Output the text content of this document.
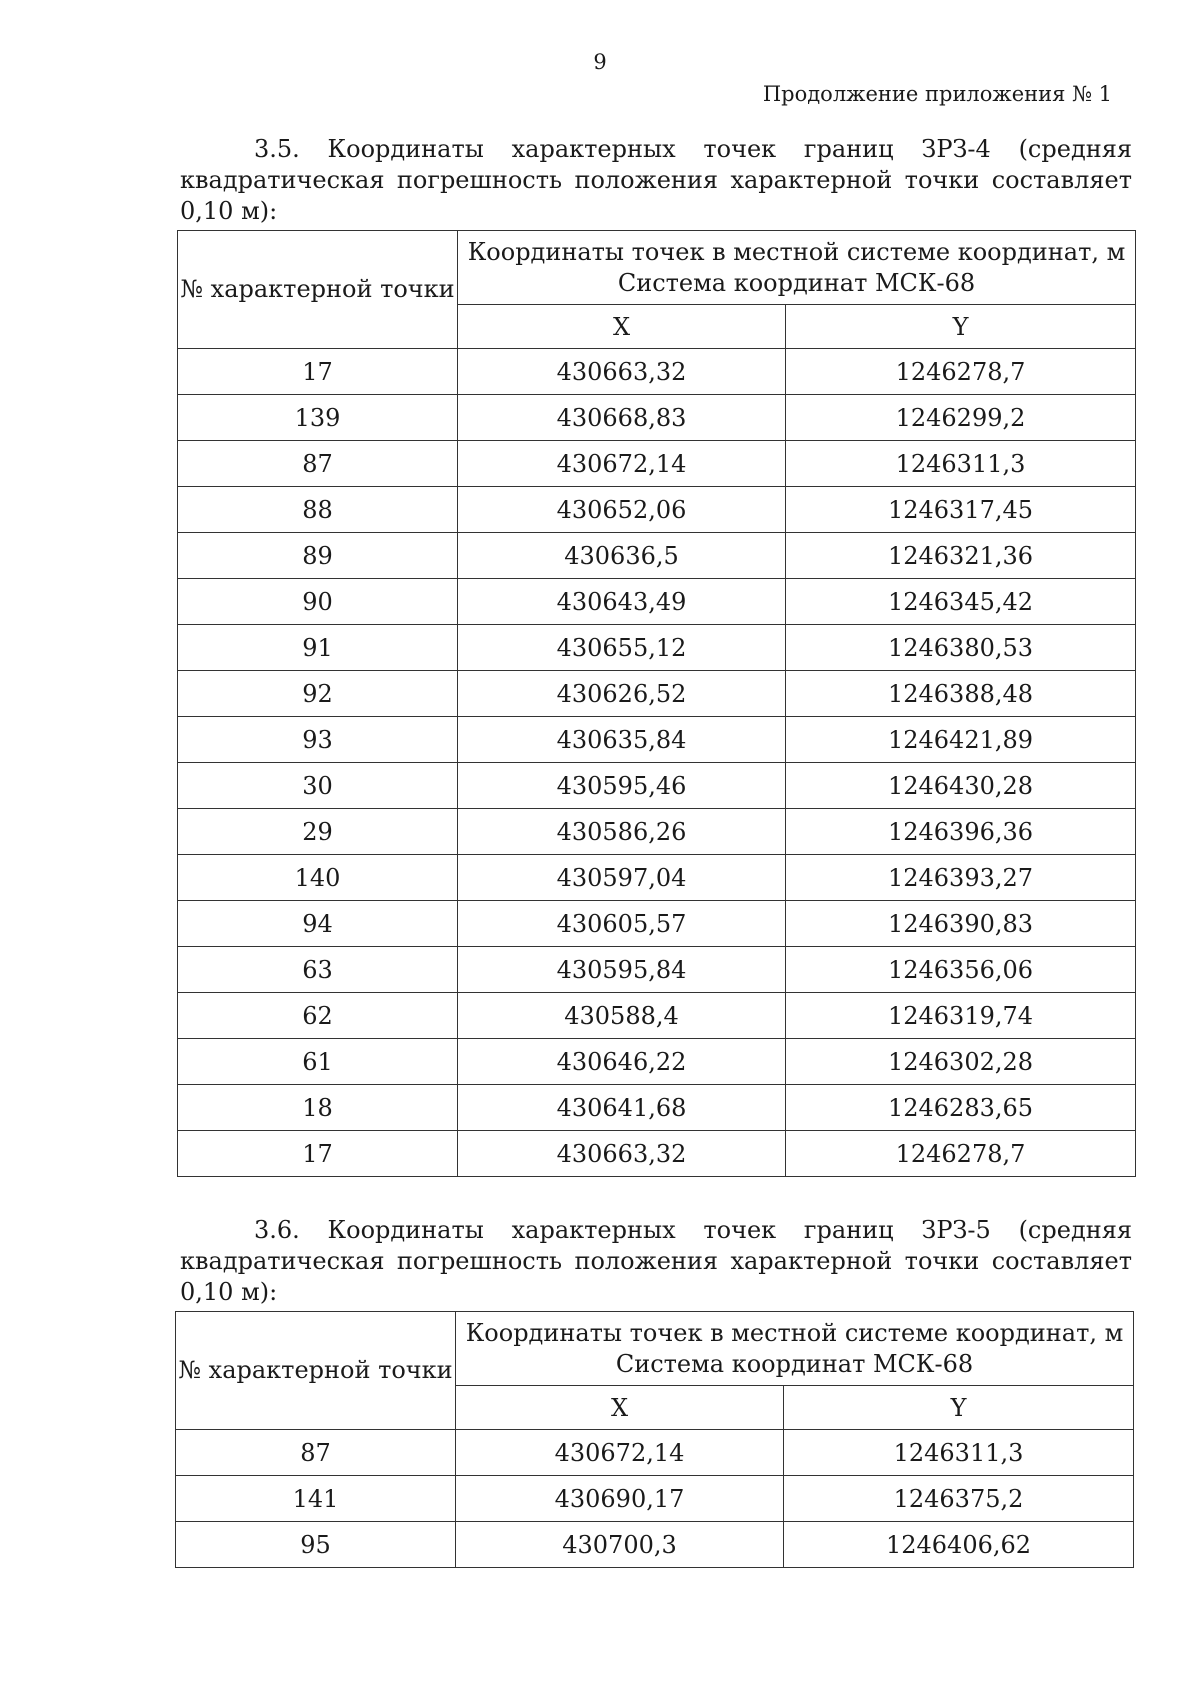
9
Продолжение приложения № 1
3.5. Координаты характерных точек границ ЗРЗ-4 (средняя квадратическая погрешность положения характерной точки составляет 0,10 м):
№ характерной точки	Координаты точек в местной системе координат, м
Система координат МСК-68	

	X	Y
17	430663,32	1246278,7
139	430668,83	1246299,2
87	430672,14	1246311,3
88	430652,06	1246317,45
89	430636,5	1246321,36
90	430643,49	1246345,42
91	430655,12	1246380,53
92	430626,52	1246388,48
93	430635,84	1246421,89
30	430595,46	1246430,28
29	430586,26	1246396,36
140	430597,04	1246393,27
94	430605,57	1246390,83
63	430595,84	1246356,06
62	430588,4	1246319,74
61	430646,22	1246302,28
18	430641,68	1246283,65
17	430663,32	1246278,7
3.6. Координаты характерных точек границ ЗРЗ-5 (средняя квадратическая погрешность положения характерной точки составляет 0,10 м):
№ характерной точки	Координаты точек в местной системе координат, м
Система координат МСК-68	

	X	Y
87	430672,14	1246311,3
141	430690,17	1246375,2
95	430700,3	1246406,62
